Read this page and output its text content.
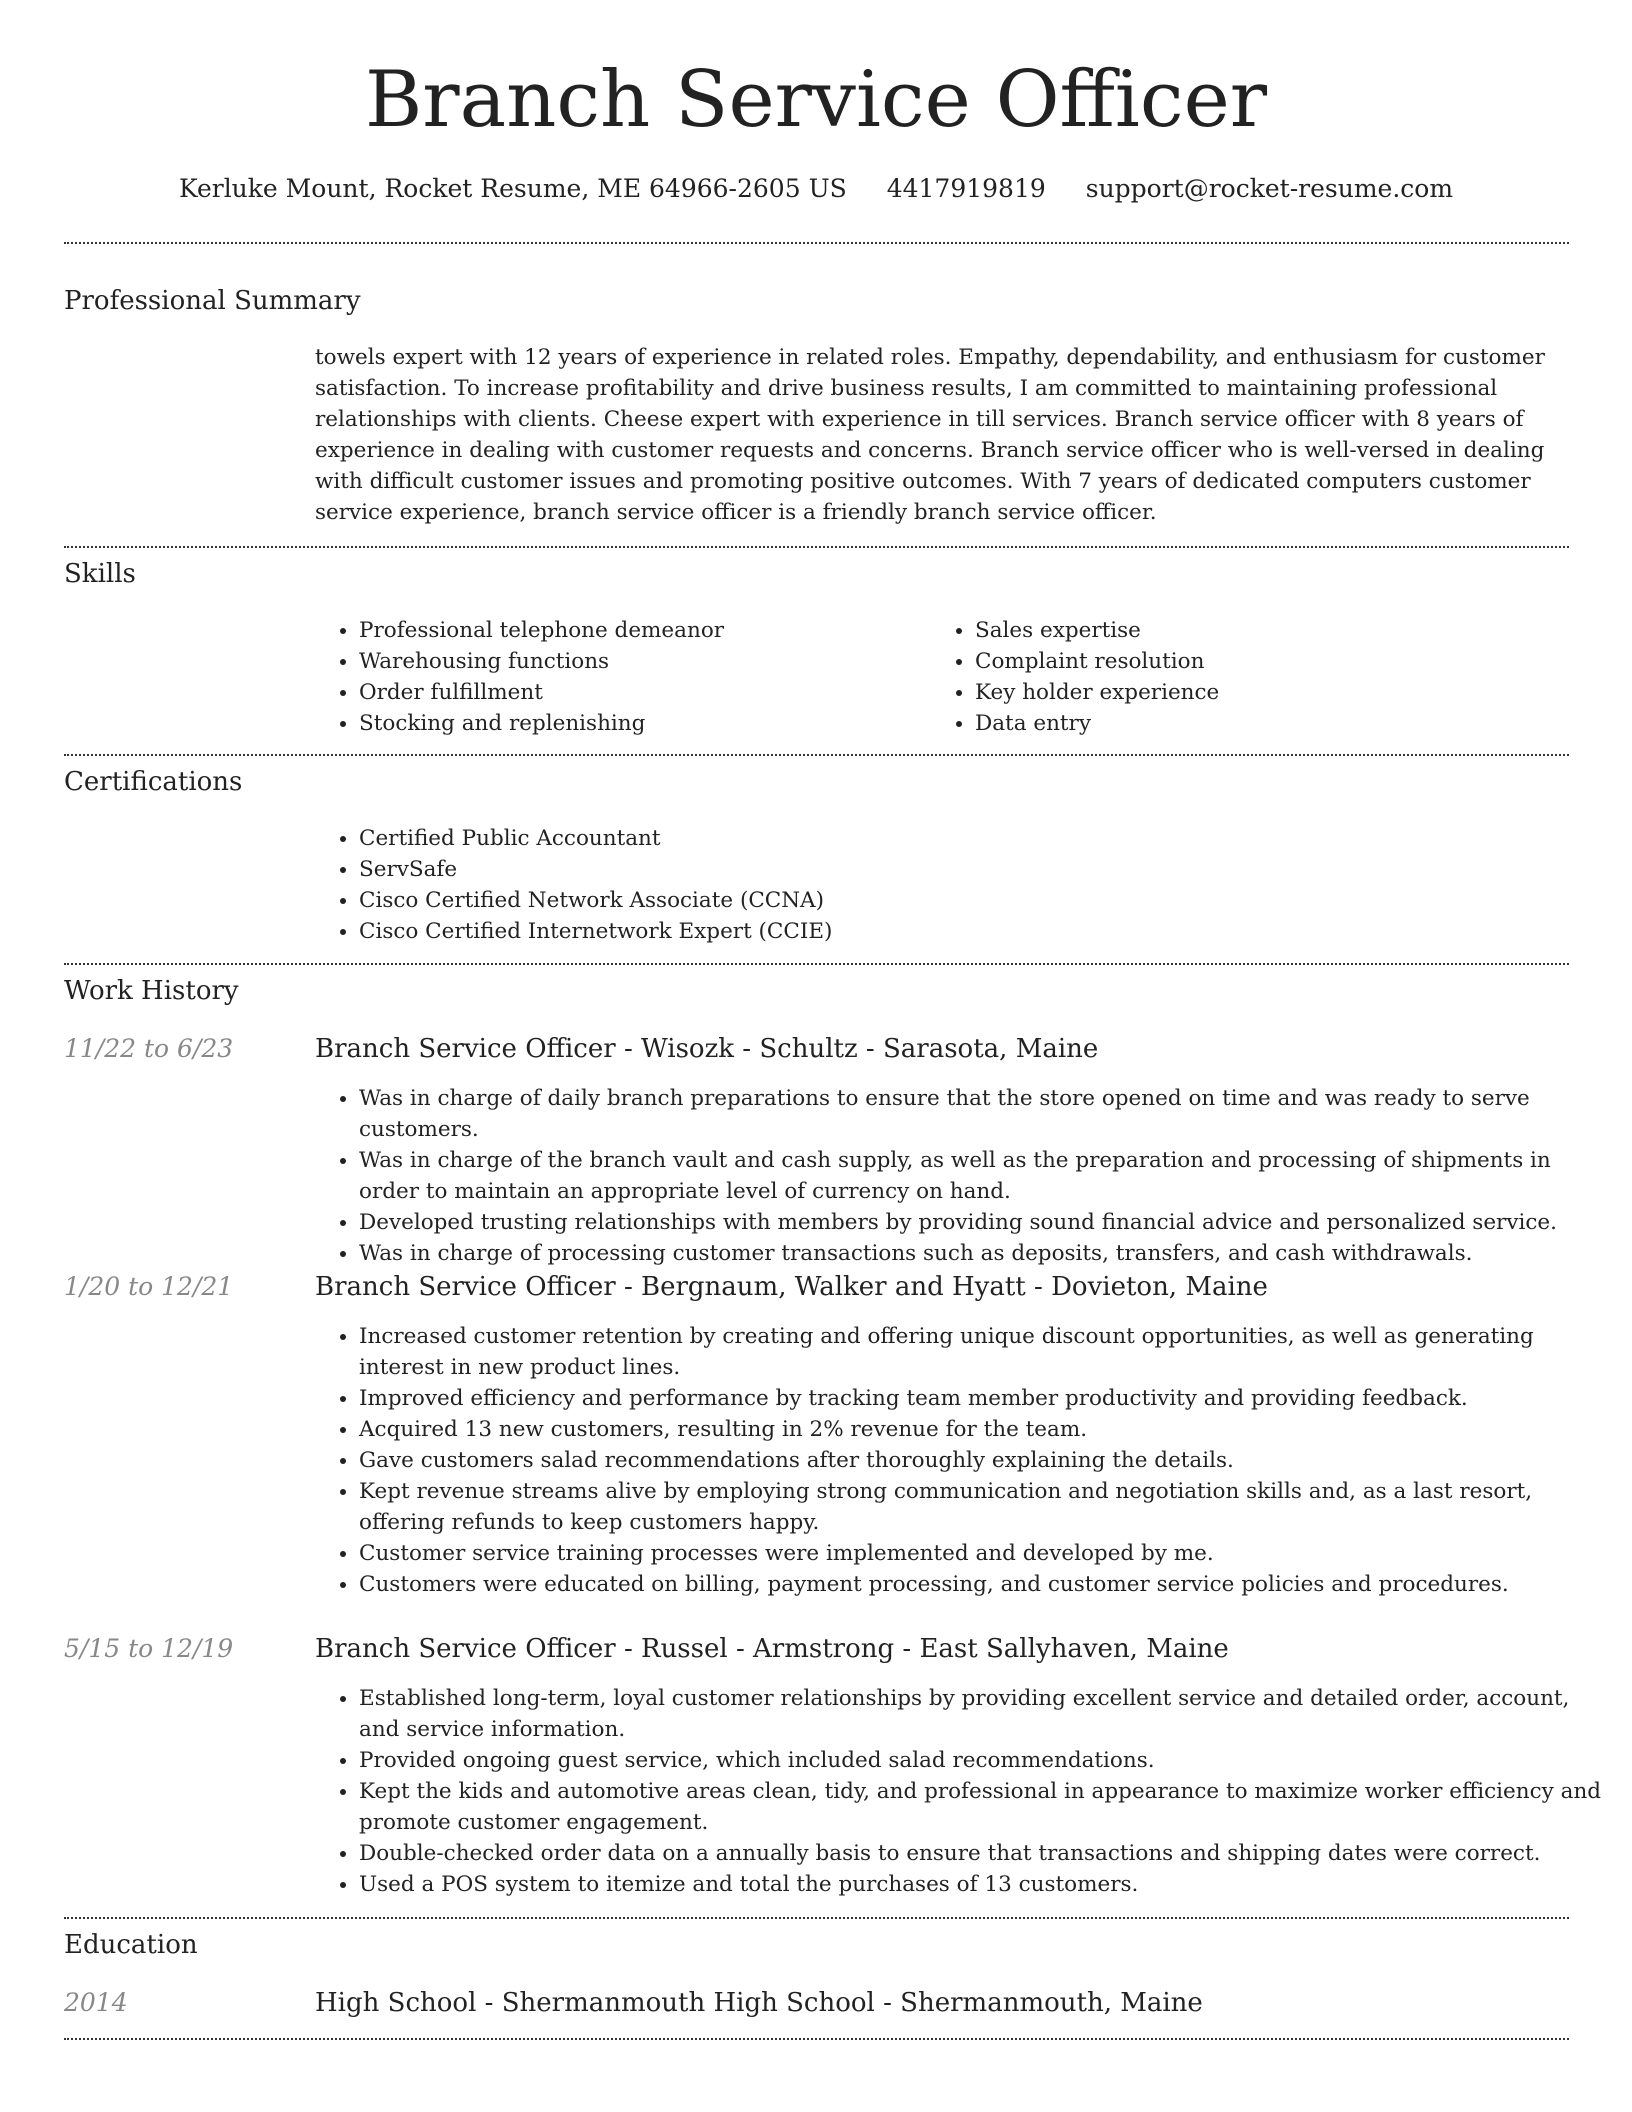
Branch Service Officer
Kerluke Mount, Rocket Resume, ME 64966-2605 US 4417919819 support@rocket-resume.com
Professional Summary

towels expert with 12 years of experience in related roles. Empathy, dependability, and enthusiasm for customer satisfaction. To increase profitability and drive business results, I am committed to maintaining professional relationships with clients. Cheese expert with experience in till services. Branch service officer with 8 years of experience in dealing with customer requests and concerns. Branch service officer who is well-versed in dealing with difficult customer issues and promoting positive outcomes. With 7 years of dedicated computers customer service experience, branch service officer is a friendly branch service officer.

Skills
• Professional telephone demeanor
• Warehousing functions
• Order fulfillment
• Stocking and replenishing
• Sales expertise
• Complaint resolution
• Key holder experience
• Data entry
Certifications
• Certified Public Accountant
• ServSafe
• Cisco Certified Network Associate (CCNA)
• Cisco Certified Internetwork Expert (CCIE)
Work History
11/22 to 6/23	Branch Service Officer - Wisozk - Schultz - Sarasota, Maine
• Was in charge of daily branch preparations to ensure that the store opened on time and was ready to serve customers.
• Was in charge of the branch vault and cash supply, as well as the preparation and processing of shipments in order to maintain an appropriate level of currency on hand.
• Developed trusting relationships with members by providing sound financial advice and personalized service.
• Was in charge of processing customer transactions such as deposits, transfers, and cash withdrawals.
1/20 to 12/21	Branch Service Officer - Bergnaum, Walker and Hyatt - Dovieton, Maine
• Increased customer retention by creating and offering unique discount opportunities, as well as generating interest in new product lines.
• Improved efficiency and performance by tracking team member productivity and providing feedback.
• Acquired 13 new customers, resulting in 2% revenue for the team.
• Gave customers salad recommendations after thoroughly explaining the details.
• Kept revenue streams alive by employing strong communication and negotiation skills and, as a last resort, offering refunds to keep customers happy.
• Customer service training processes were implemented and developed by me.
• Customers were educated on billing, payment processing, and customer service policies and procedures.
5/15 to 12/19	Branch Service Officer - Russel - Armstrong - East Sallyhaven, Maine
• Established long-term, loyal customer relationships by providing excellent service and detailed order, account, and service information.
• Provided ongoing guest service, which included salad recommendations.
• Kept the kids and automotive areas clean, tidy, and professional in appearance to maximize worker efficiency and promote customer engagement.
• Double-checked order data on a annually basis to ensure that transactions and shipping dates were correct.
• Used a POS system to itemize and total the purchases of 13 customers.
Education
2014	High School - Shermanmouth High School - Shermanmouth, Maine
